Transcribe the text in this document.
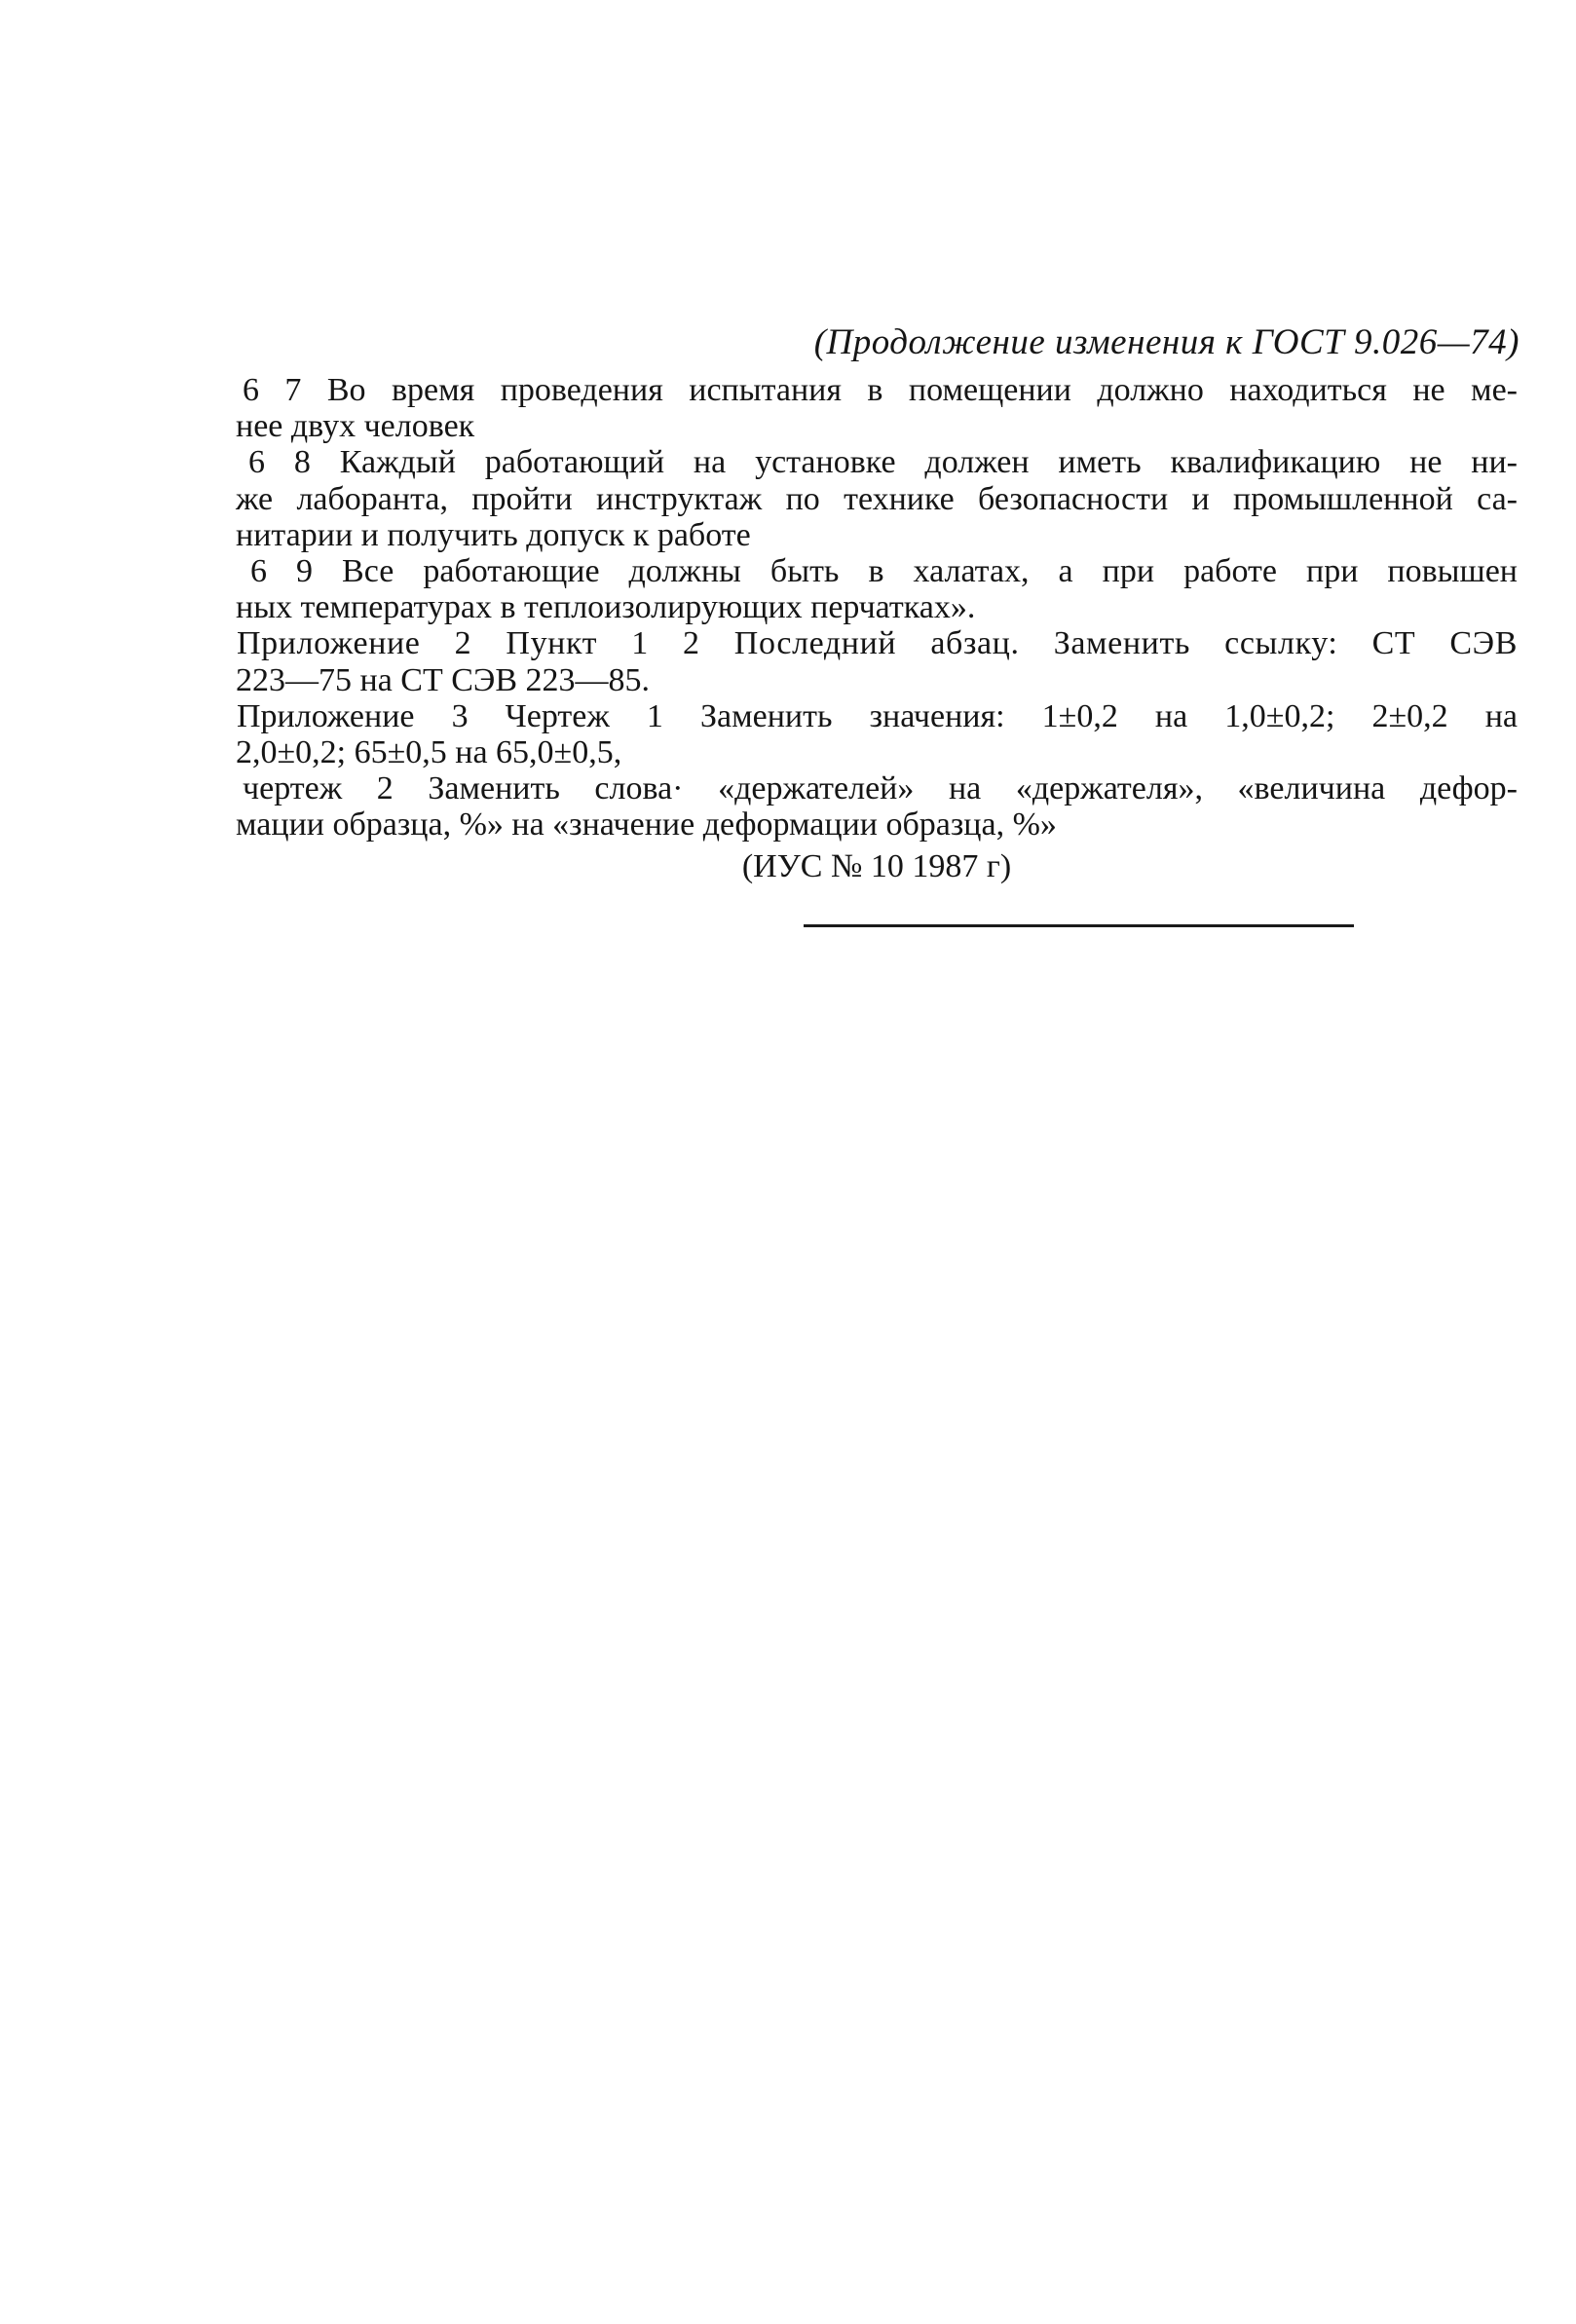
(Продолжение изменения к ГОСТ 9.026—74)
6 7 Во время проведения испытания в помещении должно находиться не ме-
нее двух человек
6 8 Каждый работающий на установке должен иметь квалификацию не ни-
же лаборанта, пройти инструктаж по технике безопасности и промышленной са-
нитарии и получить допуск к работе
6 9 Все работающие должны быть в халатах, а при работе при повышен
ных температурах в теплоизолирующих перчатках».
Приложение 2 Пункт 1 2 Последний абзац. Заменить ссылку: СТ СЭВ
223—75 на СТ СЭВ 223—85.
Приложение 3 Чертеж 1 Заменить значения: 1±0,2 на 1,0±0,2; 2±0,2 на
2,0±0,2; 65±0,5 на 65,0±0,5,
чертеж 2 Заменить слова· «держателей» на «держателя», «величина дефор-
мации образца, %» на «значение деформации образца, %»
(ИУС № 10 1987 г)
